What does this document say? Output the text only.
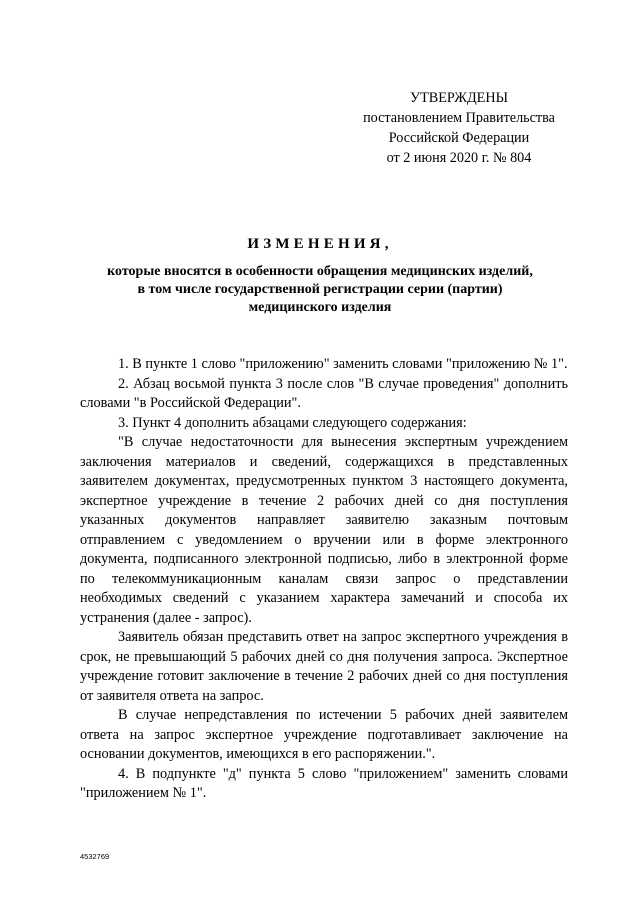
УТВЕРЖДЕНЫ
постановлением Правительства
Российской Федерации
от 2 июня 2020 г. № 804
ИЗМЕНЕНИЯ,
которые вносятся в особенности обращения медицинских изделий,
в том числе государственной регистрации серии (партии)
медицинского изделия

1. В пункте 1 слово "приложению" заменить словами "приложению № 1".

2. Абзац восьмой пункта 3 после слов "В случае проведения" дополнить словами "в Российской Федерации".

3. Пункт 4 дополнить абзацами следующего содержания:

"В случае недостаточности для вынесения экспертным учреждением заключения материалов и сведений, содержащихся в представленных заявителем документах, предусмотренных пунктом 3 настоящего документа, экспертное учреждение в течение 2 рабочих дней со дня поступления указанных документов направляет заявителю заказным почтовым отправлением с уведомлением о вручении или в форме электронного документа, подписанного электронной подписью, либо в электронной форме по телекоммуникационным каналам связи запрос о представлении необходимых сведений с указанием характера замечаний и способа их устранения (далее - запрос).

Заявитель обязан представить ответ на запрос экспертного учреждения в срок, не превышающий 5 рабочих дней со дня получения запроса. Экспертное учреждение готовит заключение в течение 2 рабочих дней со дня поступления от заявителя ответа на запрос.

В случае непредставления по истечении 5 рабочих дней заявителем ответа на запрос экспертное учреждение подготавливает заключение на основании документов, имеющихся в его распоряжении.".

4. В подпункте "д" пункта 5 слово "приложением" заменить словами "приложением № 1".

4532769
